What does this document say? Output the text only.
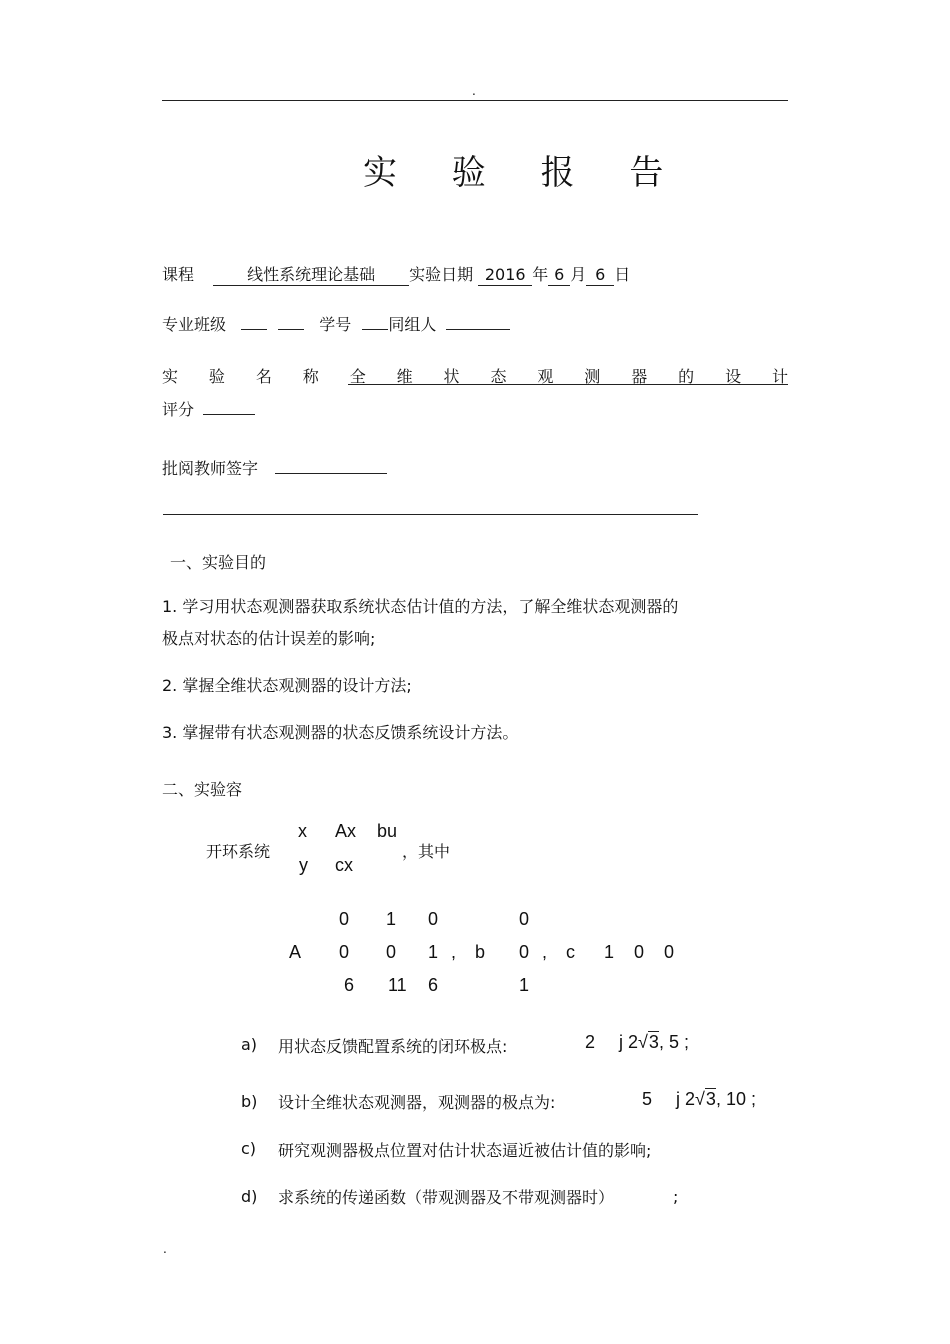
.
实 验 报 告
课程	线性系统理论基础 实验日期 2016 年 6 月 6 日
专业班级	学号 同组人
实 验 名 称 全 维 状 态 观 测 器 的 设 计
评分
批阅教师签字
一、实验目的
1. 学习用状态观测器获取系统状态估计值的方法，了解全维状态观测器的
极点对状态的估计误差的影响;
2. 掌握全维状态观测器的设计方法;
3. 掌握带有状态观测器的状态反馈系统设计方法。
二、实验容
开环系统
x Ax bu
y cx
，其中
0 1 0	0
A 0 0 1 , b 0 , c 1 0 0
6 11 6	1
a) 用状态反馈配置系统的闭环极点:	2 j 2√3, 5 ;
b) 设计全维状态观测器，观测器的极点为:	5 j 2√3, 10 ;
c) 研究观测器极点位置对估计状态逼近被估计值的影响;
d) 求系统的传递函数（带观测器及不带观测器时）	;
.
